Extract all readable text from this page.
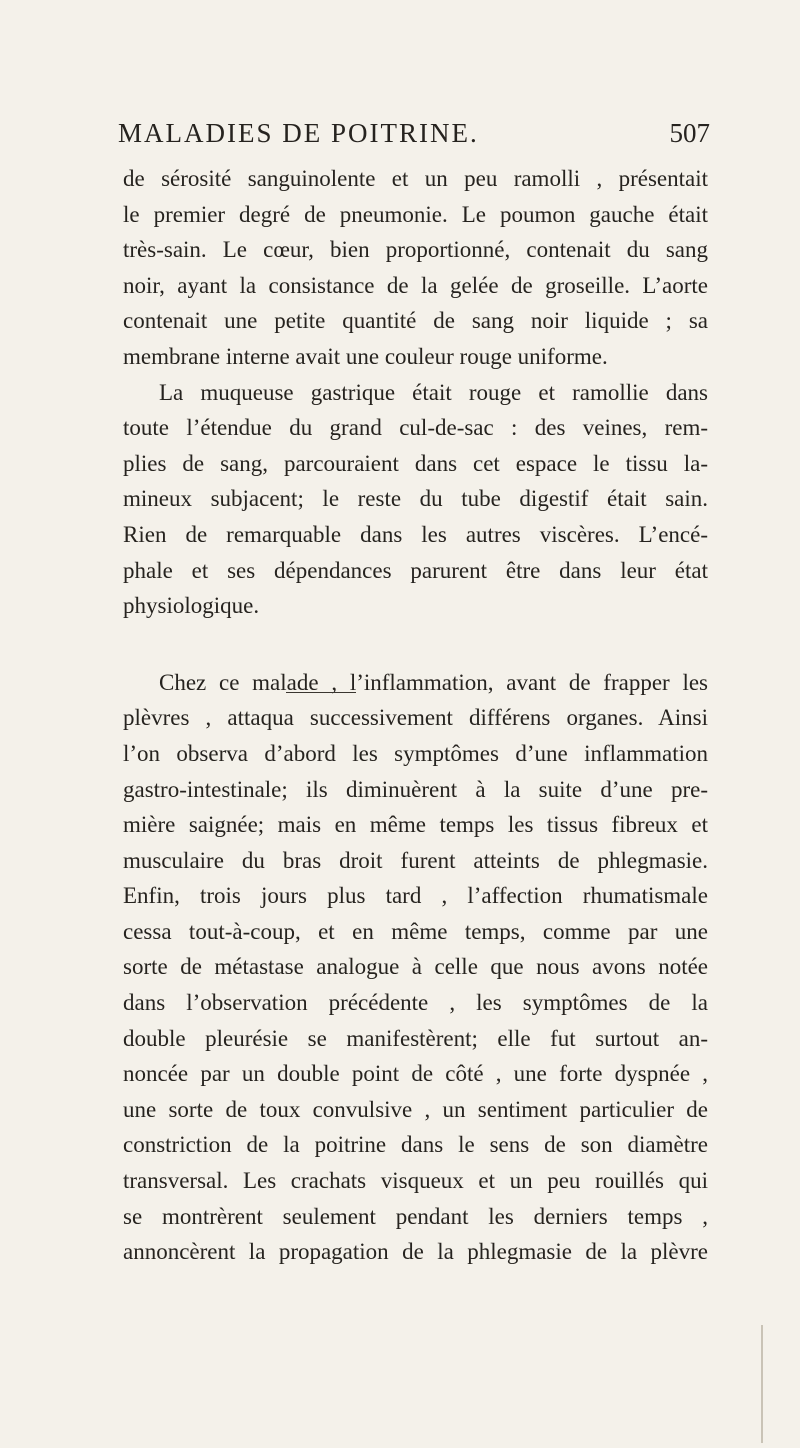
MALADIES DE POITRINE.	507
de sérosité sanguinolente et un peu ramolli , présentait
le premier degré de pneumonie. Le poumon gauche était
très-sain. Le cœur, bien proportionné, contenait du sang
noir, ayant la consistance de la gelée de groseille. L’aorte
contenait une petite quantité de sang noir liquide ; sa
membrane interne avait une couleur rouge uniforme.
La muqueuse gastrique était rouge et ramollie dans
toute l’étendue du grand cul-de-sac : des veines, rem-
plies de sang, parcouraient dans cet espace le tissu la-
mineux subjacent; le reste du tube digestif était sain.
Rien de remarquable dans les autres viscères. L’encé-
phale et ses dépendances parurent être dans leur état
physiologique.
Chez ce malade , l’inflammation, avant de frapper les
plèvres , attaqua successivement différens organes. Ainsi
l’on observa d’abord les symptômes d’une inflammation
gastro-intestinale; ils diminuèrent à la suite d’une pre-
mière saignée; mais en même temps les tissus fibreux et
musculaire du bras droit furent atteints de phlegmasie.
Enfin, trois jours plus tard , l’affection rhumatismale
cessa tout-à-coup, et en même temps, comme par une
sorte de métastase analogue à celle que nous avons notée
dans l’observation précédente , les symptômes de la
double pleurésie se manifestèrent; elle fut surtout an-
noncée par un double point de côté , une forte dyspnée ,
une sorte de toux convulsive , un sentiment particulier de
constriction de la poitrine dans le sens de son diamètre
transversal. Les crachats visqueux et un peu rouillés qui
se montrèrent seulement pendant les derniers temps ,
annoncèrent la propagation de la phlegmasie de la plèvre
